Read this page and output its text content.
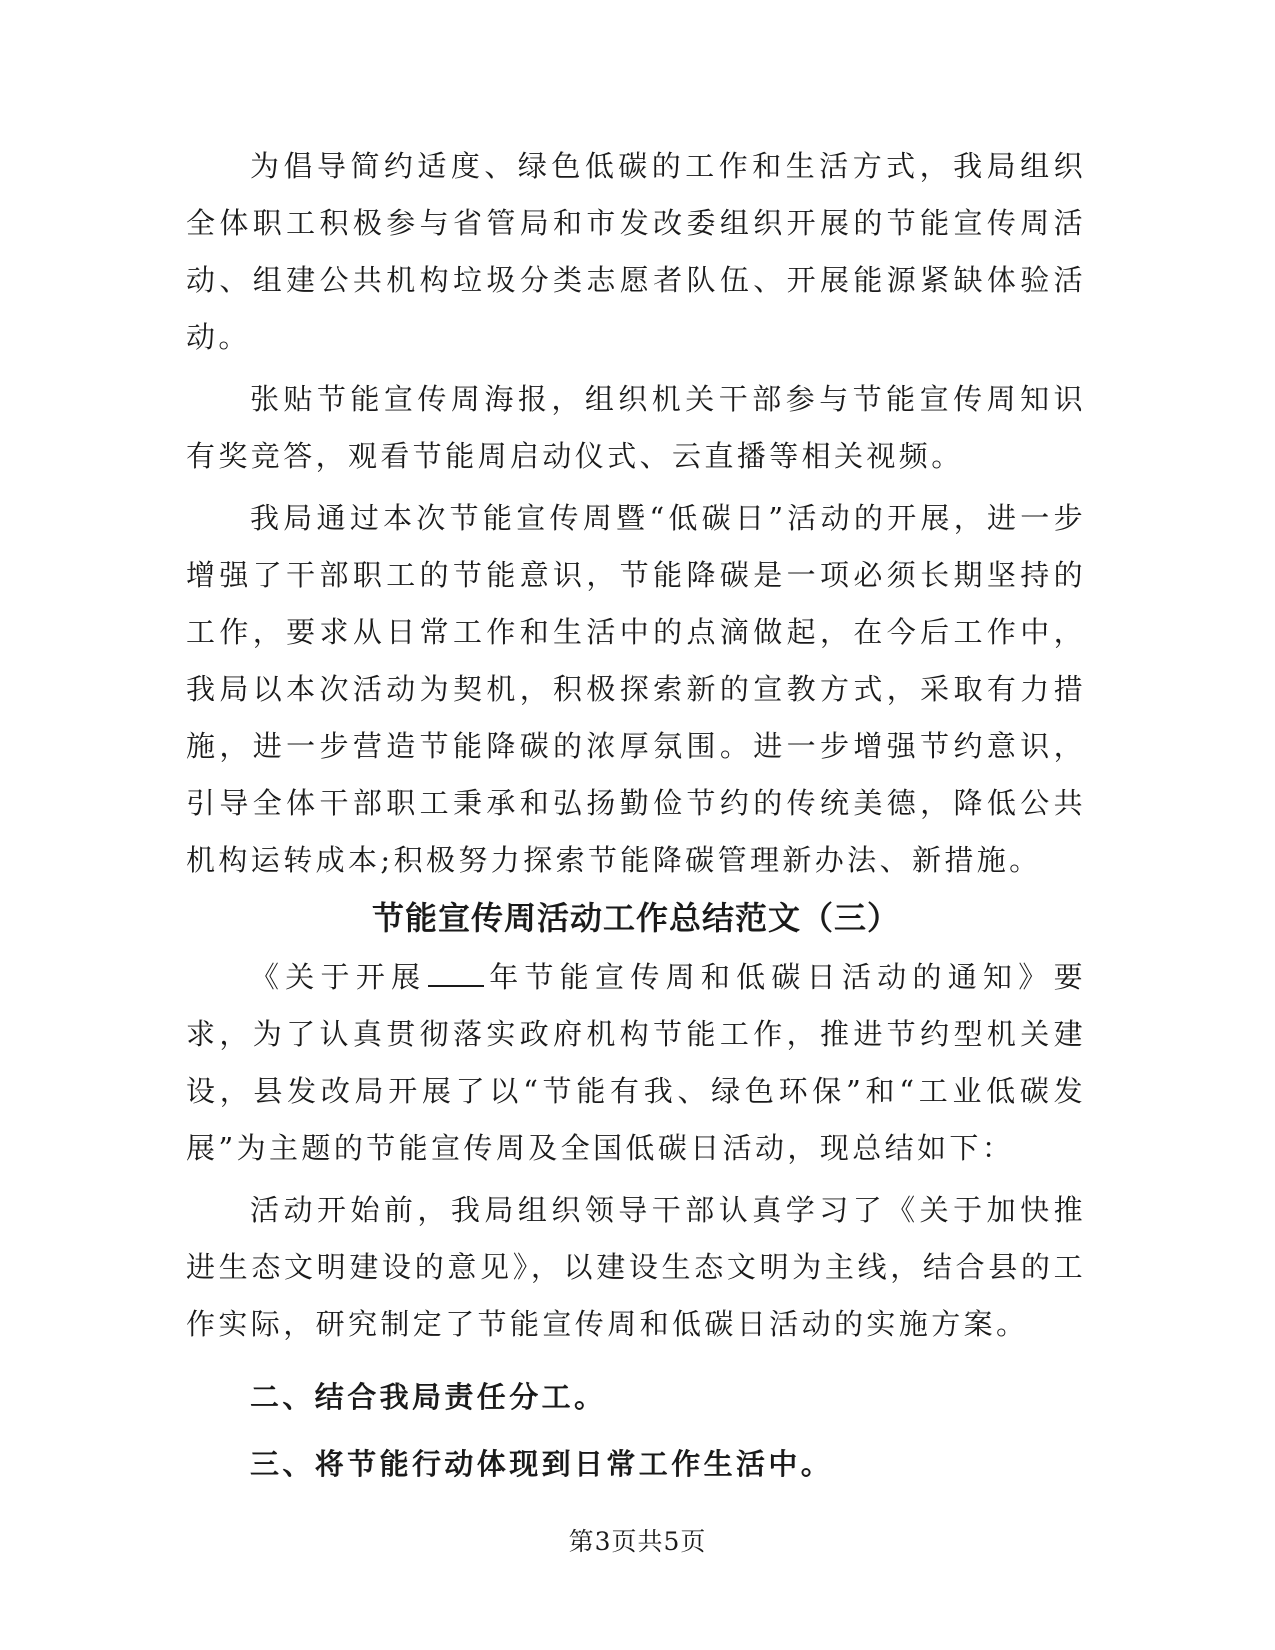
为倡导简约适度、绿色低碳的工作和生活方式，我局组织全体职工积极参与省管局和市发改委组织开展的节能宣传周活动、组建公共机构垃圾分类志愿者队伍、开展能源紧缺体验活动。

张贴节能宣传周海报，组织机关干部参与节能宣传周知识有奖竞答，观看节能周启动仪式、云直播等相关视频。

我局通过本次节能宣传周暨“低碳日”活动的开展，进一步增强了干部职工的节能意识，节能降碳是一项必须长期坚持的工作，要求从日常工作和生活中的点滴做起，在今后工作中，我局以本次活动为契机，积极探索新的宣教方式，采取有力措施，进一步营造节能降碳的浓厚氛围。进一步增强节约意识，引导全体干部职工秉承和弘扬勤俭节约的传统美德，降低公共机构运转成本;积极努力探索节能降碳管理新办法、新措施。

节能宣传周活动工作总结范文（三）

《关于开展 年节能宣传周和低碳日活动的通知》要求，为了认真贯彻落实政府机构节能工作，推进节约型机关建设，县发改局开展了以“节能有我、绿色环保”和“工业低碳发展”为主题的节能宣传周及全国低碳日活动，现总结如下：

活动开始前，我局组织领导干部认真学习了《关于加快推进生态文明建设的意见》，以建设生态文明为主线，结合县的工作实际，研究制定了节能宣传周和低碳日活动的实施方案。

二、结合我局责任分工。
三、将节能行动体现到日常工作生活中。
第3页共5页
